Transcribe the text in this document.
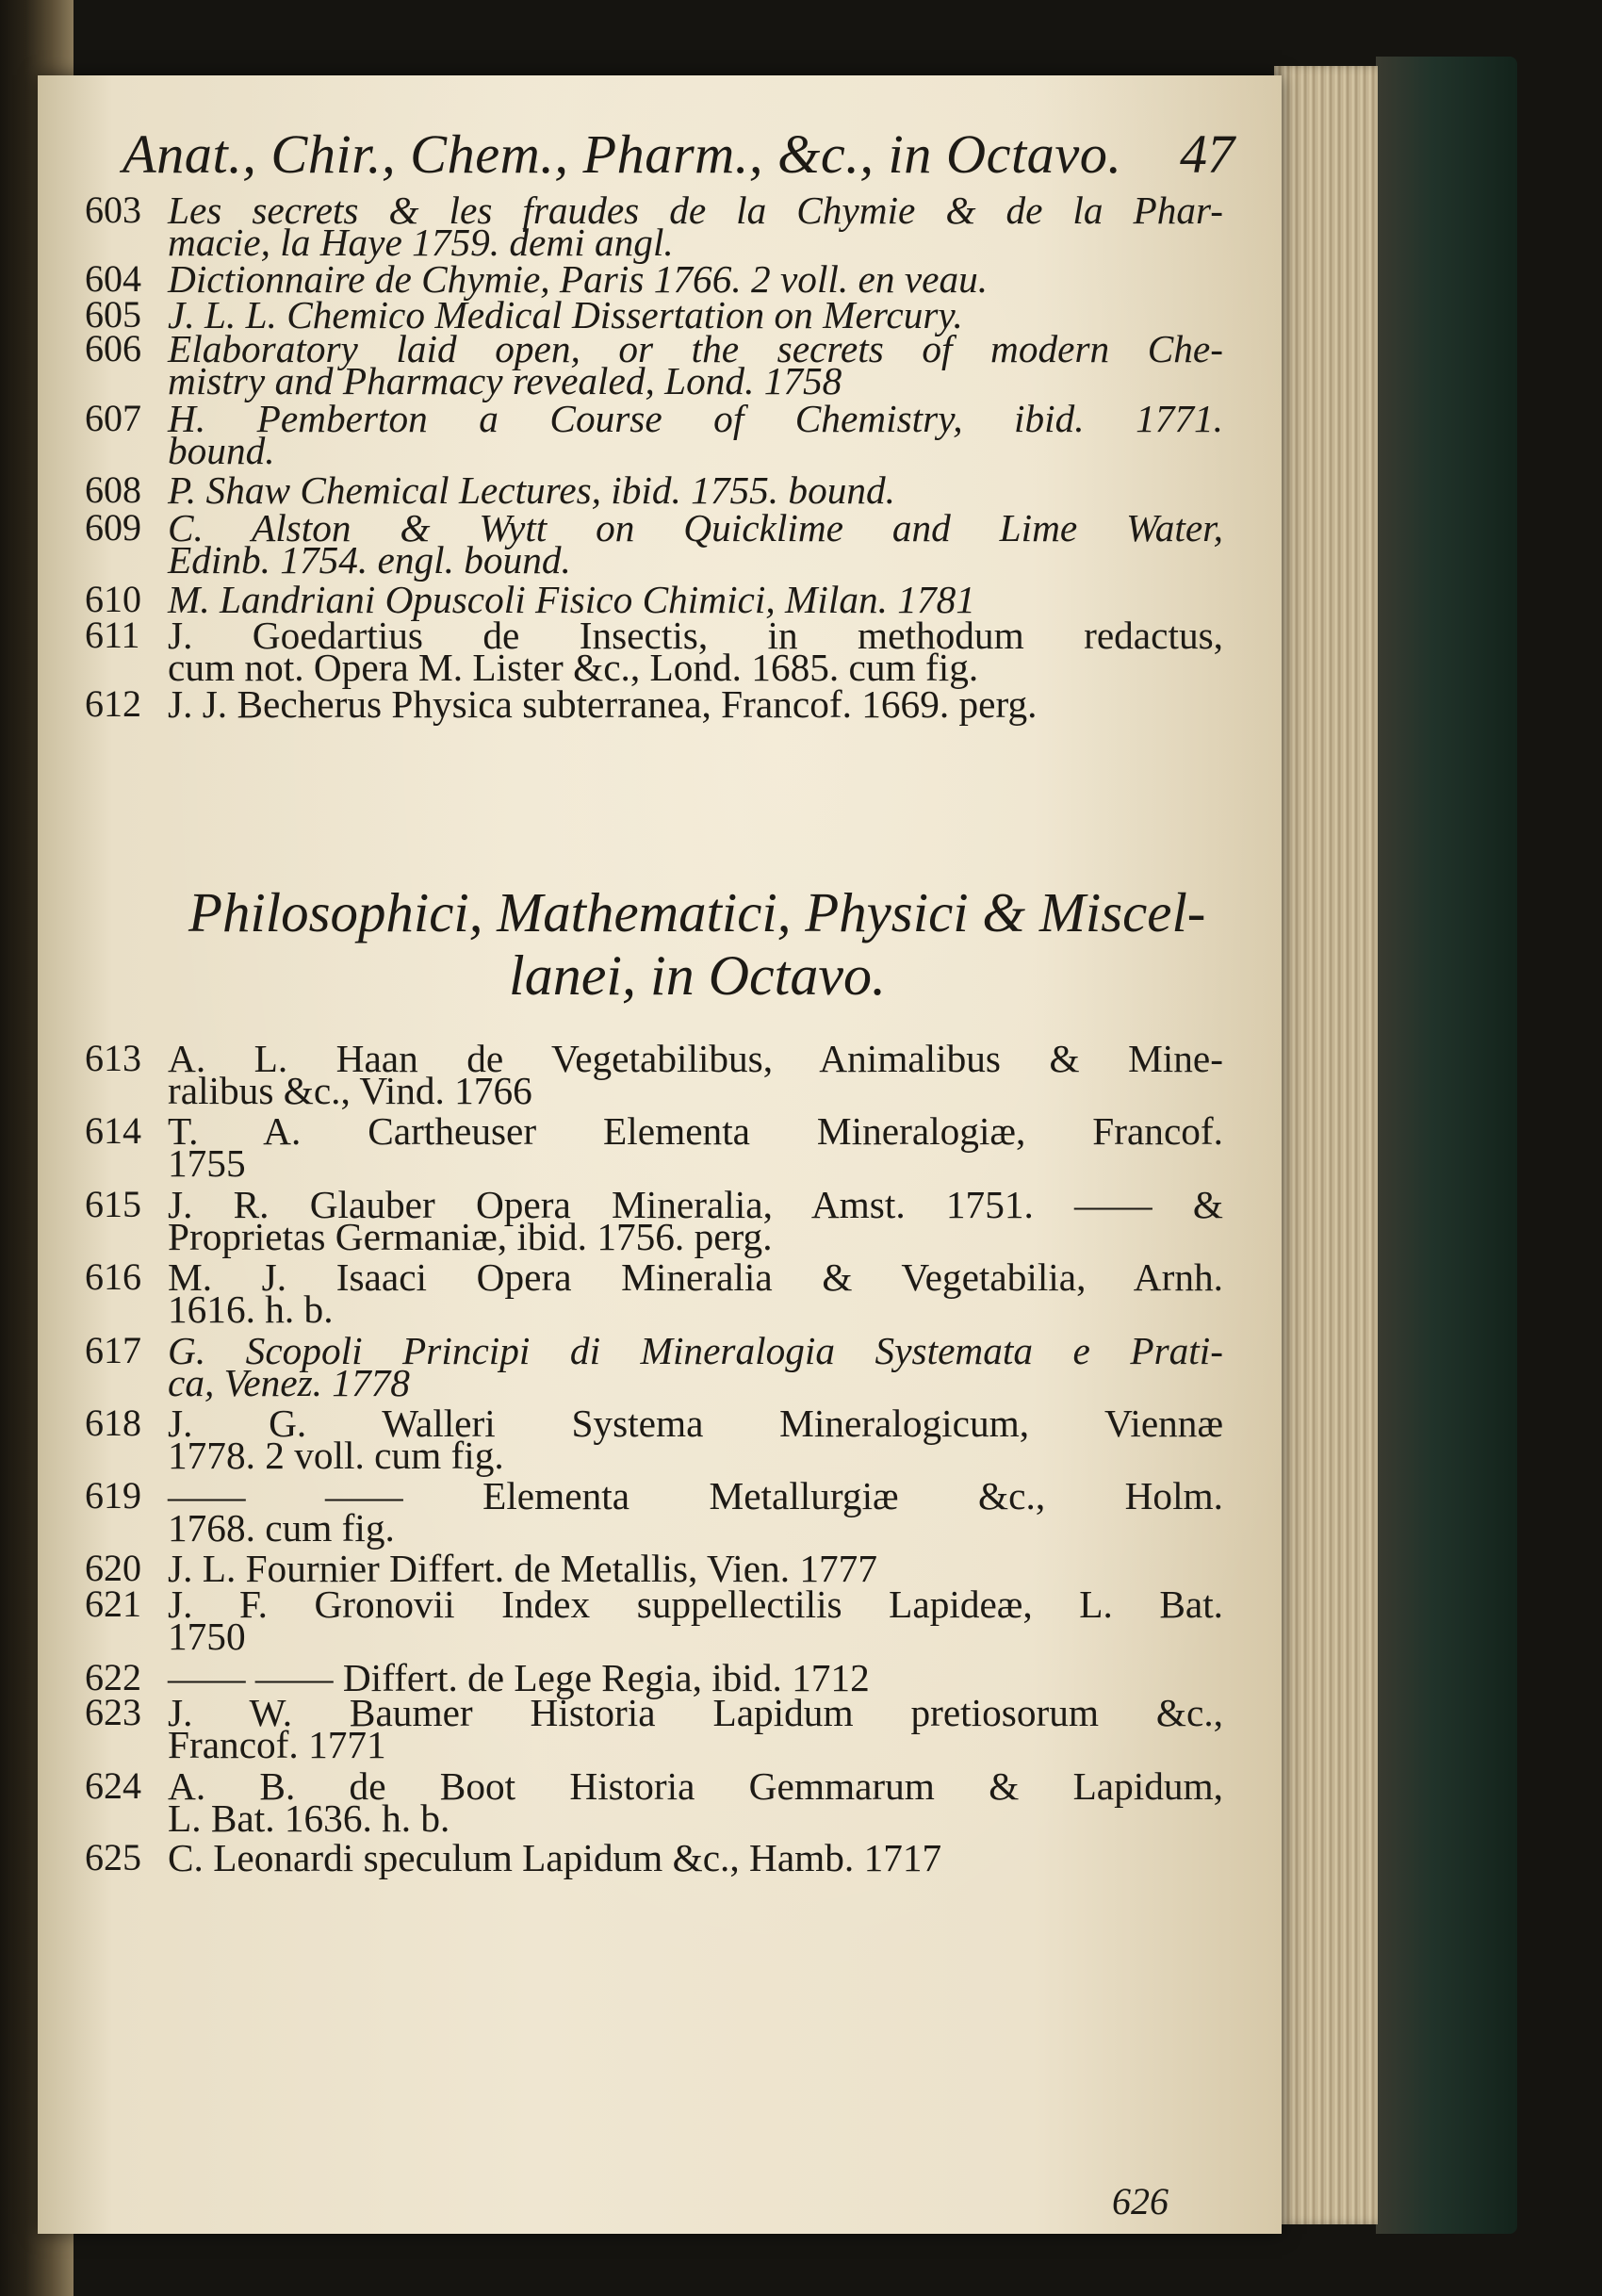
Anat., Chir., Chem., Pharm., &c., in Octavo. 47
603 Les secrets & les fraudes de la Chymie & de la Phar-
macie, la Haye 1759. demi angl.
604 Dictionnaire de Chymie, Paris 1766. 2 voll. en veau.
605 J. L. L. Chemico Medical Dissertation on Mercury.
606 Elaboratory laid open, or the secrets of modern Che-
mistry and Pharmacy revealed, Lond. 1758
607 H. Pemberton a Course of Chemistry, ibid. 1771.
bound.
608 P. Shaw Chemical Lectures, ibid. 1755. bound.
609 C. Alston & Wytt on Quicklime and Lime Water,
Edinb. 1754. engl. bound.
610 M. Landriani Opuscoli Fisico Chimici, Milan. 1781
611 J. Goedartius de Insectis, in methodum redactus,
cum not. Opera M. Lister &c., Lond. 1685. cum fig.
612 J. J. Becherus Physica subterranea, Francof. 1669. perg.
Philosophici, Mathematici, Physici & Miscel-
lanei, in Octavo.
613 A. L. Haan de Vegetabilibus, Animalibus & Mine-
ralibus &c., Vind. 1766
614 T. A. Cartheuser Elementa Mineralogiæ, Francof.
1755
615 J. R. Glauber Opera Mineralia, Amst. 1751. —— &
Proprietas Germaniæ, ibid. 1756. perg.
616 M. J. Isaaci Opera Mineralia & Vegetabilia, Arnh.
1616. h. b.
617 G. Scopoli Principi di Mineralogia Systemata e Prati-
ca, Venez. 1778
618 J. G. Walleri Systema Mineralogicum, Viennæ
1778. 2 voll. cum fig.
619 —— —— Elementa Metallurgiæ &c., Holm.
1768. cum fig.
620 J. L. Fournier Differt. de Metallis, Vien. 1777
621 J. F. Gronovii Index suppellectilis Lapideæ, L. Bat.
1750
622 —— —— Differt. de Lege Regia, ibid. 1712
623 J. W. Baumer Historia Lapidum pretiosorum &c.,
Francof. 1771
624 A. B. de Boot Historia Gemmarum & Lapidum,
L. Bat. 1636. h. b.
625 C. Leonardi speculum Lapidum &c., Hamb. 1717
626
